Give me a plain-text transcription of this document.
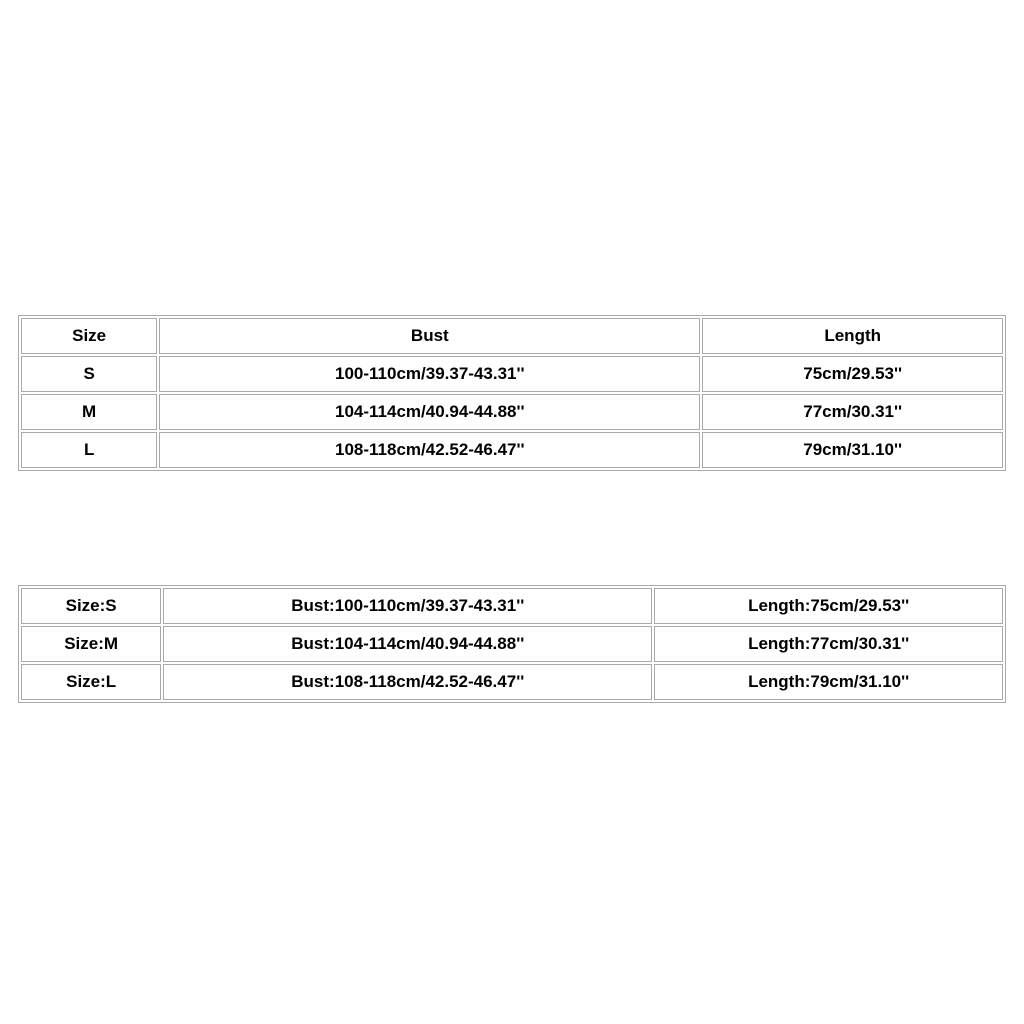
Size	Bust	Length
S	100-110cm/39.37-43.31''	75cm/29.53''
M	104-114cm/40.94-44.88''	77cm/30.31''
L	108-118cm/42.52-46.47''	79cm/31.10''
Size:S	Bust:100-110cm/39.37-43.31''	Length:75cm/29.53''
Size:M	Bust:104-114cm/40.94-44.88''	Length:77cm/30.31''
Size:L	Bust:108-118cm/42.52-46.47''	Length:79cm/31.10''
